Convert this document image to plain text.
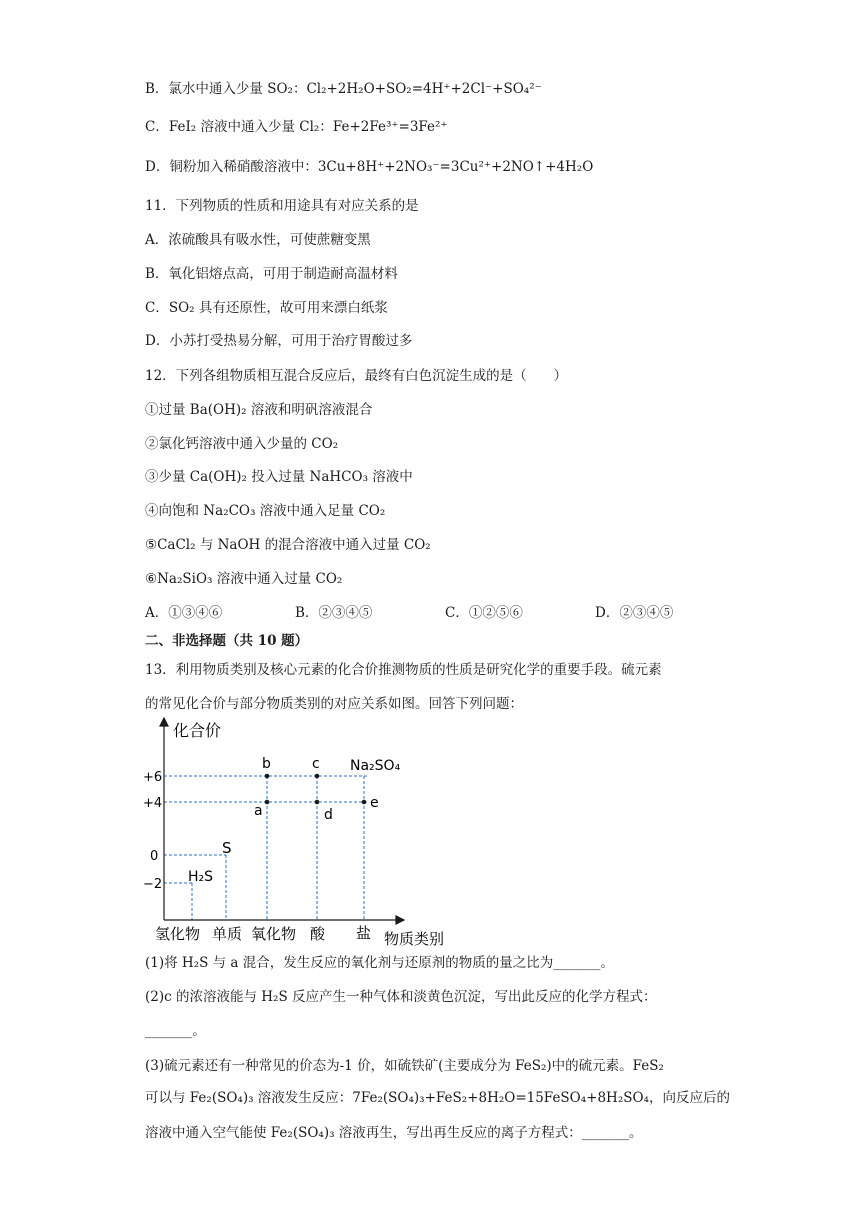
B．氯水中通入少量 SO₂：Cl₂+2H₂O+SO₂=4H⁺+2Cl⁻+SO₄²⁻
C．FeI₂ 溶液中通入少量 Cl₂：Fe+2Fe³⁺=3Fe²⁺
D．铜粉加入稀硝酸溶液中：3Cu+8H⁺+2NO₃⁻=3Cu²⁺+2NO↑+4H₂O
11．下列物质的性质和用途具有对应关系的是
A．浓硫酸具有吸水性，可使蔗糖变黑
B．氧化铝熔点高，可用于制造耐高温材料
C．SO₂ 具有还原性，故可用来漂白纸浆
D．小苏打受热易分解，可用于治疗胃酸过多
12．下列各组物质相互混合反应后，最终有白色沉淀生成的是（　　）
①过量 Ba(OH)₂ 溶液和明矾溶液混合
②氯化钙溶液中通入少量的 CO₂
③少量 Ca(OH)₂ 投入过量 NaHCO₃ 溶液中
④向饱和 Na₂CO₃ 溶液中通入足量 CO₂
⑤CaCl₂ 与 NaOH 的混合溶液中通入过量 CO₂
⑥Na₂SiO₃ 溶液中通入过量 CO₂
A．①③④⑥	B．②③④⑤	C．①②⑤⑥	D．②③④⑤
二、非选择题（共 10 题）
13．利用物质类别及核心元素的化合价推测物质的性质是研究化学的重要手段。硫元素
的常见化合价与部分物质类别的对应关系如图。回答下列问题：
化合价
+6
+4
0
−2
b
a
c
d
e
Na₂SO₄
S
H₂S
氢化物 单质 氧化物 酸 盐 物质类别
(1)将 H₂S 与 a 混合，发生反应的氧化剂与还原剂的物质的量之比为_______。
(2)c 的浓溶液能与 H₂S 反应产生一种气体和淡黄色沉淀，写出此反应的化学方程式：
_______。
(3)硫元素还有一种常见的价态为-1 价，如硫铁矿(主要成分为 FeS₂)中的硫元素。FeS₂
可以与 Fe₂(SO₄)₃ 溶液发生反应：7Fe₂(SO₄)₃+FeS₂+8H₂O=15FeSO₄+8H₂SO₄，向反应后的
溶液中通入空气能使 Fe₂(SO₄)₃ 溶液再生，写出再生反应的离子方程式：_______。
